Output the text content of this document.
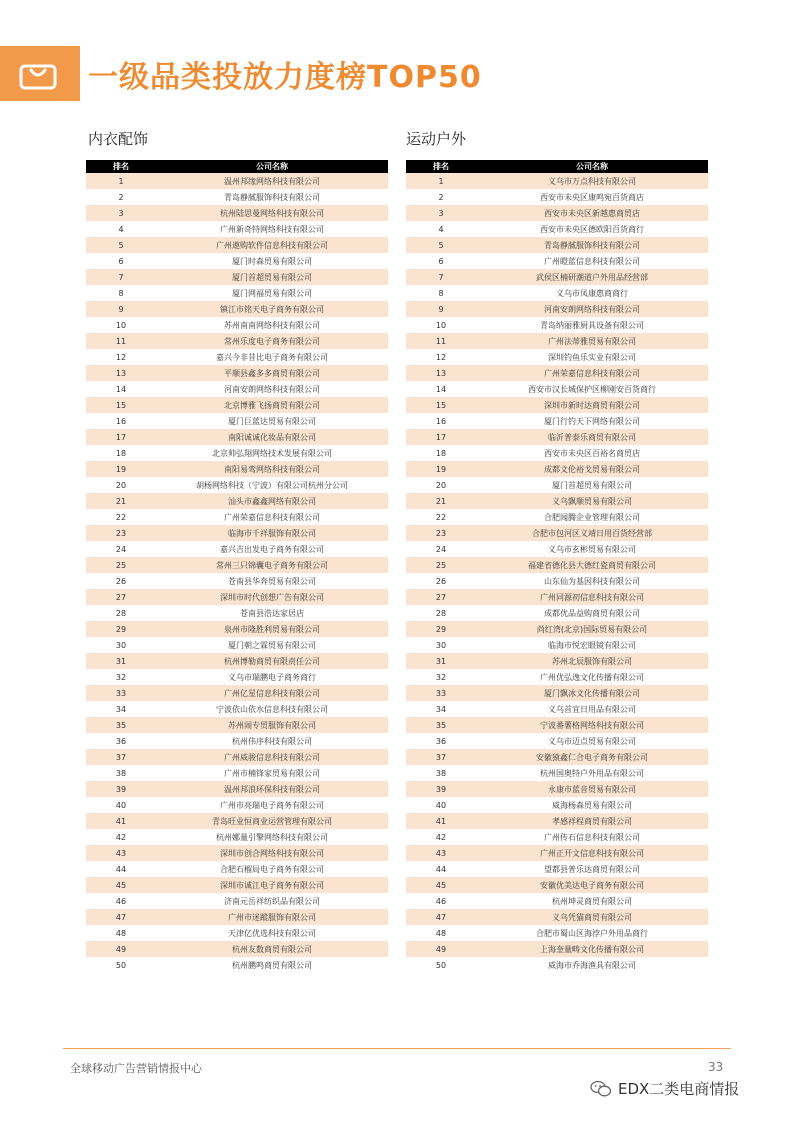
一级品类投放力度榜TOP50
内衣配饰	运动户外
排名	公司名称
1	温州邦缘网络科技有限公司
2	青岛静腻服饰科技有限公司
3	杭州陆思曼网络科技有限公司
4	广州新奇特网络科技有限公司
5	广州遨购软件信息科技有限公司
6	厦门时森贸易有限公司
7	厦门首超贸易有限公司
8	厦门网福贸易有限公司
9	镇江市铭天电子商务有限公司
10	苏州南南网络科技有限公司
11	常州乐度电子商务有限公司
12	嘉兴今非昔比电子商务有限公司
13	平顺县鑫多多商贸有限公司
14	河南安朗网络科技有限公司
15	北京博雅飞扬商贸有限公司
16	厦门巨蓝达贸易有限公司
17	南阳诚诚化妆品有限公司
18	北京帅弘翔网络技术发展有限公司
19	南阳易鸾网络科技有限公司
20	胡杨网络科技（宁波）有限公司杭州分公司
21	汕头市鑫鑫网络有限公司
22	广州荣嘉信息科技有限公司
23	临海市千祥服饰有限公司
24	嘉兴吉出发电子商务有限公司
25	常州三只锦囊电子商务有限公司
26	苍南县华奔贸易有限公司
27	深圳市时代创想广告有限公司
28	苍南县浩达家居店
29	泉州市隆胜利贸易有限公司
30	厦门朝之霖贸易有限公司
31	杭州博勒商贸有限责任公司
32	义乌市瑞鹏电子商务商行
33	广州亿星信息科技有限公司
34	宁波依山依水信息科技有限公司
35	苏州闹专贸服饰有限公司
36	杭州伟序科技有限公司
37	广州威骏信息科技有限公司
38	广州市楠锋家贸易有限公司
39	温州邦浪环保科技有限公司
40	广州市亮瑞电子商务有限公司
41	青岛旺业恒商业运营管理有限公司
42	杭州娜量引擎网络科技有限公司
43	深圳市创合网络科技有限公司
44	合肥石榴局电子商务有限公司
45	深圳市诚江电子商务有限公司
46	济南元岳祥纺织品有限公司
47	广州市迷蹤服饰有限公司
48	天津亿优选科技有限公司
49	杭州友数商贸有限公司
50	杭州鹏鸣商贸有限公司
排名	公司名称
1	义乌市万点科技有限公司
2	西安市未央区康鸣宛百货商店
3	西安市未央区新越惠商贸店
4	西安市未央区德欧阳百货商行
5	青岛静腻服饰科技有限公司
6	广州瞪蓝信息科技有限公司
7	武侯区楠研潮道户外用品经营部
8	义乌市凤康惠商商行
9	河南安朗网络科技有限公司
10	青岛纳丽雅厨具设备有限公司
11	广州法蒂雅贸易有限公司
12	深圳钓鱼乐实业有限公司
13	广州荣嘉信息科技有限公司
14	西安市汉长城保护区柳刚安百货商行
15	深圳市新时达商贸有限公司
16	厦门行钓天下网络有限公司
17	临沂普泰乐商贸有限公司
18	西安市未央区百裕名商贸店
19	成都文伦裕戈贸易有限公司
20	厦门首超贸易有限公司
21	义乌飘顺贸易有限公司
22	合肥闻腾企业管理有限公司
23	合肥市包河区义靖日用百货经营部
24	义乌市玄彬贸易有限公司
25	福建省德化县大德红瓷商贸有限公司
26	山东仙为基因科技有限公司
27	广州同源初信息科技有限公司
28	成都优品益购商贸有限公司
29	尚红湾(北京)国际贸易有限公司
30	临海市悦宏眼镜有限公司
31	苏州北辰服饰有限公司
32	广州优弘逸文化传播有限公司
33	厦门飘冰文化传播有限公司
34	义乌首宜日用品有限公司
35	宁波番薯格网络科技有限公司
36	义乌市迈点贸易有限公司
37	安徽猿鑫仁合电子商务有限公司
38	杭州国奥特户外用品有限公司
39	永康市蓝音贸易有限公司
40	威海杨森贸易有限公司
41	孝感祥程商贸有限公司
42	广州传石信息科技有限公司
43	广州正开文信息科技有限公司
44	望都县普乐达商贸有限公司
45	安徽优美达电子商务有限公司
46	杭州坤灵商贸有限公司
47	义乌凭猫商贸有限公司
48	合肥市蜀山区海浡户外用品商行
49	上海奎量畴文化传播有限公司
50	威海市乔海渔具有限公司
全球移动广告营销情报中心	33
EDX二类电商情报
